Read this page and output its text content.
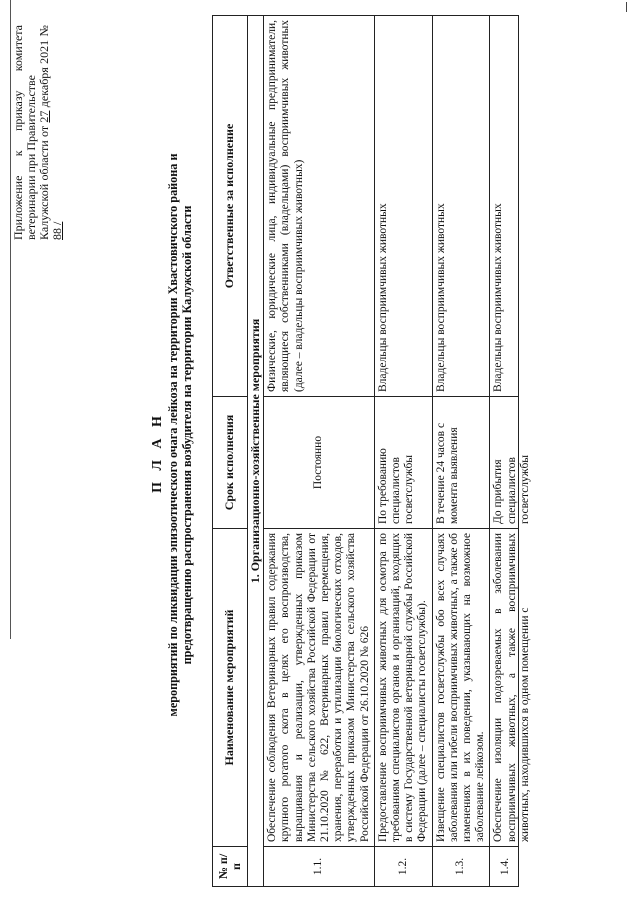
Приложение к приказу комитета ветеринарии при Правительстве Калужской области от 27 декабря 2021 № 88 /

П Л А Н мероприятий по ликвидации эпизоотического очага лейкоза на территории Хвастовичского района и предотвращению распространения возбудителя на территории Калужской области
№ п/п	Наименование мероприятий	Срок исполнения	Ответственные за исполнение
1. Организационно-хозяйственные мероприятия			
1.1.	Обеспечение соблюдения Ветеринарных правил содержания крупного рогатого скота в целях его воспроизводства, выращивания и реализации, утвержденных приказом Министерства сельского хозяйства Российской Федерации от 21.10.2020 № 622, Ветеринарных правил перемещения, хранения, переработки и утилизации биологических отходов, утвержденных приказом Министерства сельского хозяйства Российской Федерации от 26.10.2020 № 626	Постоянно	Физические, юридические лица, индивидуальные предприниматели, являющиеся собственниками (владельцами) восприимчивых животных (далее – владельцы восприимчивых животных)
1.2.	Предоставление восприимчивых животных для осмотра по требованиям специалистов органов и организаций, входящих в систему Государственной ветеринарной службы Российской Федерации (далее – специалисты госветслужбы).	По требованию специалистов госветслужбы	Владельцы восприимчивых животных
1.3.	Извещение специалистов госветслужбы обо всех случаях заболевания или гибели восприимчивых животных, а также об изменениях в их поведении, указывающих на возможное заболевание лейкозом.	В течение 24 часов с момента выявления	Владельцы восприимчивых животных
1.4.	Обеспечение изоляции подозреваемых в заболевании восприимчивых животных, а также восприимчивых животных, находившихся в одном помещении с	До прибытия специалистов госветслужбы	Владельцы восприимчивых животных
